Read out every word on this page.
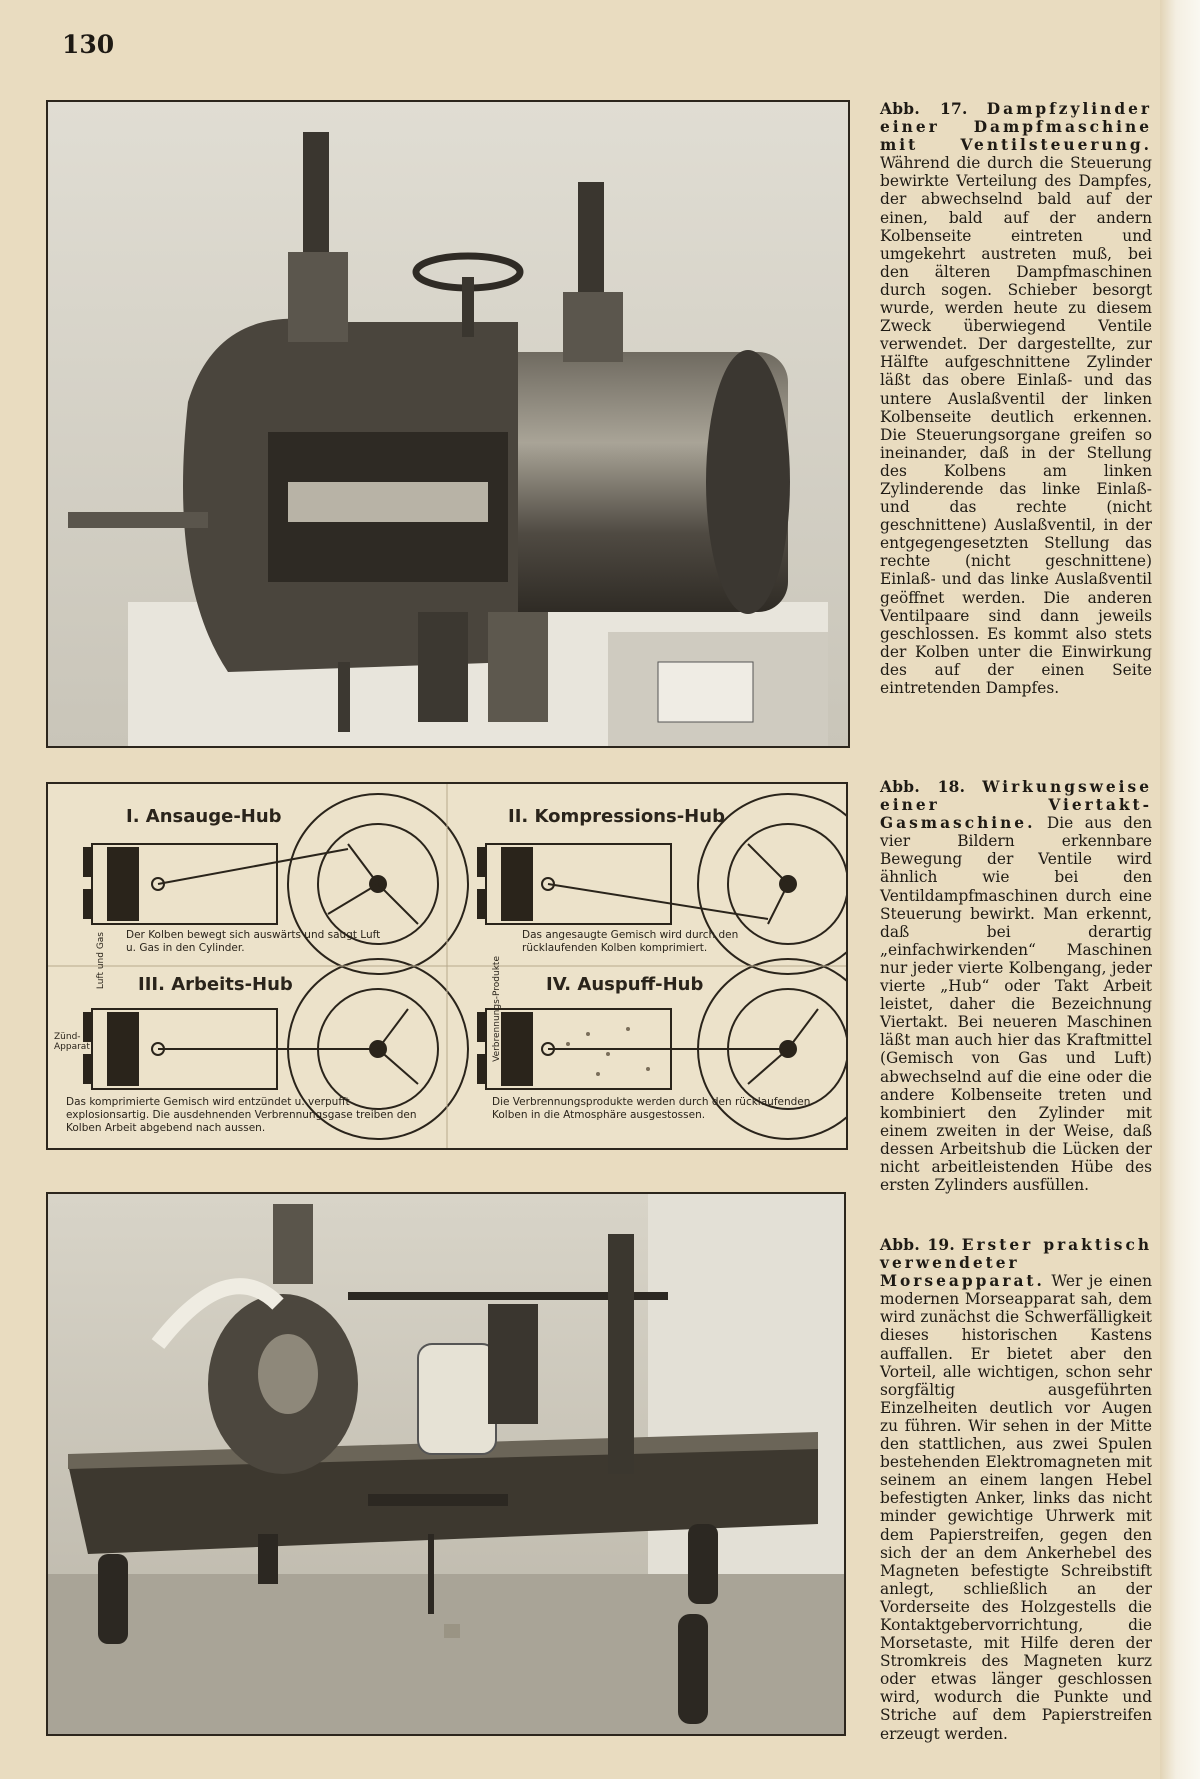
130
Abb. 17. Dampfzylinder einer Dampfmaschine mit Ventilsteuerung. Während die durch die Steuerung bewirkte Verteilung des Dampfes, der abwechselnd bald auf der einen, bald auf der andern Kolbenseite eintreten und umgekehrt austreten muß, bei den älteren Dampfmaschinen durch sogen. Schieber besorgt wurde, werden heute zu diesem Zweck überwiegend Ventile verwendet. Der dargestellte, zur Hälfte aufgeschnittene Zylinder läßt das obere Einlaß- und das untere Auslaßventil der linken Kolbenseite deutlich erkennen. Die Steuerungsorgane greifen so ineinander, daß in der Stellung des Kolbens am linken Zylinderende das linke Einlaß- und das rechte (nicht geschnittene) Auslaßventil, in der entgegengesetzten Stellung das rechte (nicht geschnittene) Einlaß- und das linke Auslaßventil geöffnet werden. Die anderen Ventilpaare sind dann jeweils geschlossen. Es kommt also stets der Kolben unter die Einwirkung des auf der einen Seite eintretenden Dampfes.
I. Ansauge-Hub
Der Kolben bewegt sich auswärts und saugt Luft u. Gas in den Cylinder.
II. Kompressions-Hub
Das angesaugte Gemisch wird durch den rücklaufenden Kolben komprimiert.
III. Arbeits-Hub
Das komprimierte Gemisch wird entzündet u. verpufft explosionsartig. Die ausdehnenden Verbrennungsgase treiben den Kolben Arbeit abgebend nach aussen.
IV. Auspuff-Hub
Die Verbrennungsprodukte werden durch den rücklaufenden Kolben in die Atmosphäre ausgestossen.
Luft und Gas	Verbrennungs-Produkte
Zünd-Apparat
Abb. 18. Wirkungsweise einer Viertakt-Gasmaschine. Die aus den vier Bildern erkennbare Bewegung der Ventile wird ähnlich wie bei den Ventildampfmaschinen durch eine Steuerung bewirkt. Man erkennt, daß bei derartig „einfachwirkenden“ Maschinen nur jeder vierte Kolbengang, jeder vierte „Hub“ oder Takt Arbeit leistet, daher die Bezeichnung Viertakt. Bei neueren Maschinen läßt man auch hier das Kraftmittel (Gemisch von Gas und Luft) abwechselnd auf die eine oder die andere Kolbenseite treten und kombiniert den Zylinder mit einem zweiten in der Weise, daß dessen Arbeitshub die Lücken der nicht arbeitleistenden Hübe des ersten Zylinders ausfüllen.
Abb. 19. Erster praktisch verwendeter Morseapparat. Wer je einen modernen Morseapparat sah, dem wird zunächst die Schwerfälligkeit dieses historischen Kastens auffallen. Er bietet aber den Vorteil, alle wichtigen, schon sehr sorgfältig ausgeführten Einzelheiten deutlich vor Augen zu führen. Wir sehen in der Mitte den stattlichen, aus zwei Spulen bestehenden Elektromagneten mit seinem an einem langen Hebel befestigten Anker, links das nicht minder gewichtige Uhrwerk mit dem Papierstreifen, gegen den sich der an dem Ankerhebel des Magneten befestigte Schreibstift anlegt, schließlich an der Vorderseite des Holzgestells die Kontaktgebervorrichtung, die Morsetaste, mit Hilfe deren der Stromkreis des Magneten kurz oder etwas länger geschlossen wird, wodurch die Punkte und Striche auf dem Papierstreifen erzeugt werden.
